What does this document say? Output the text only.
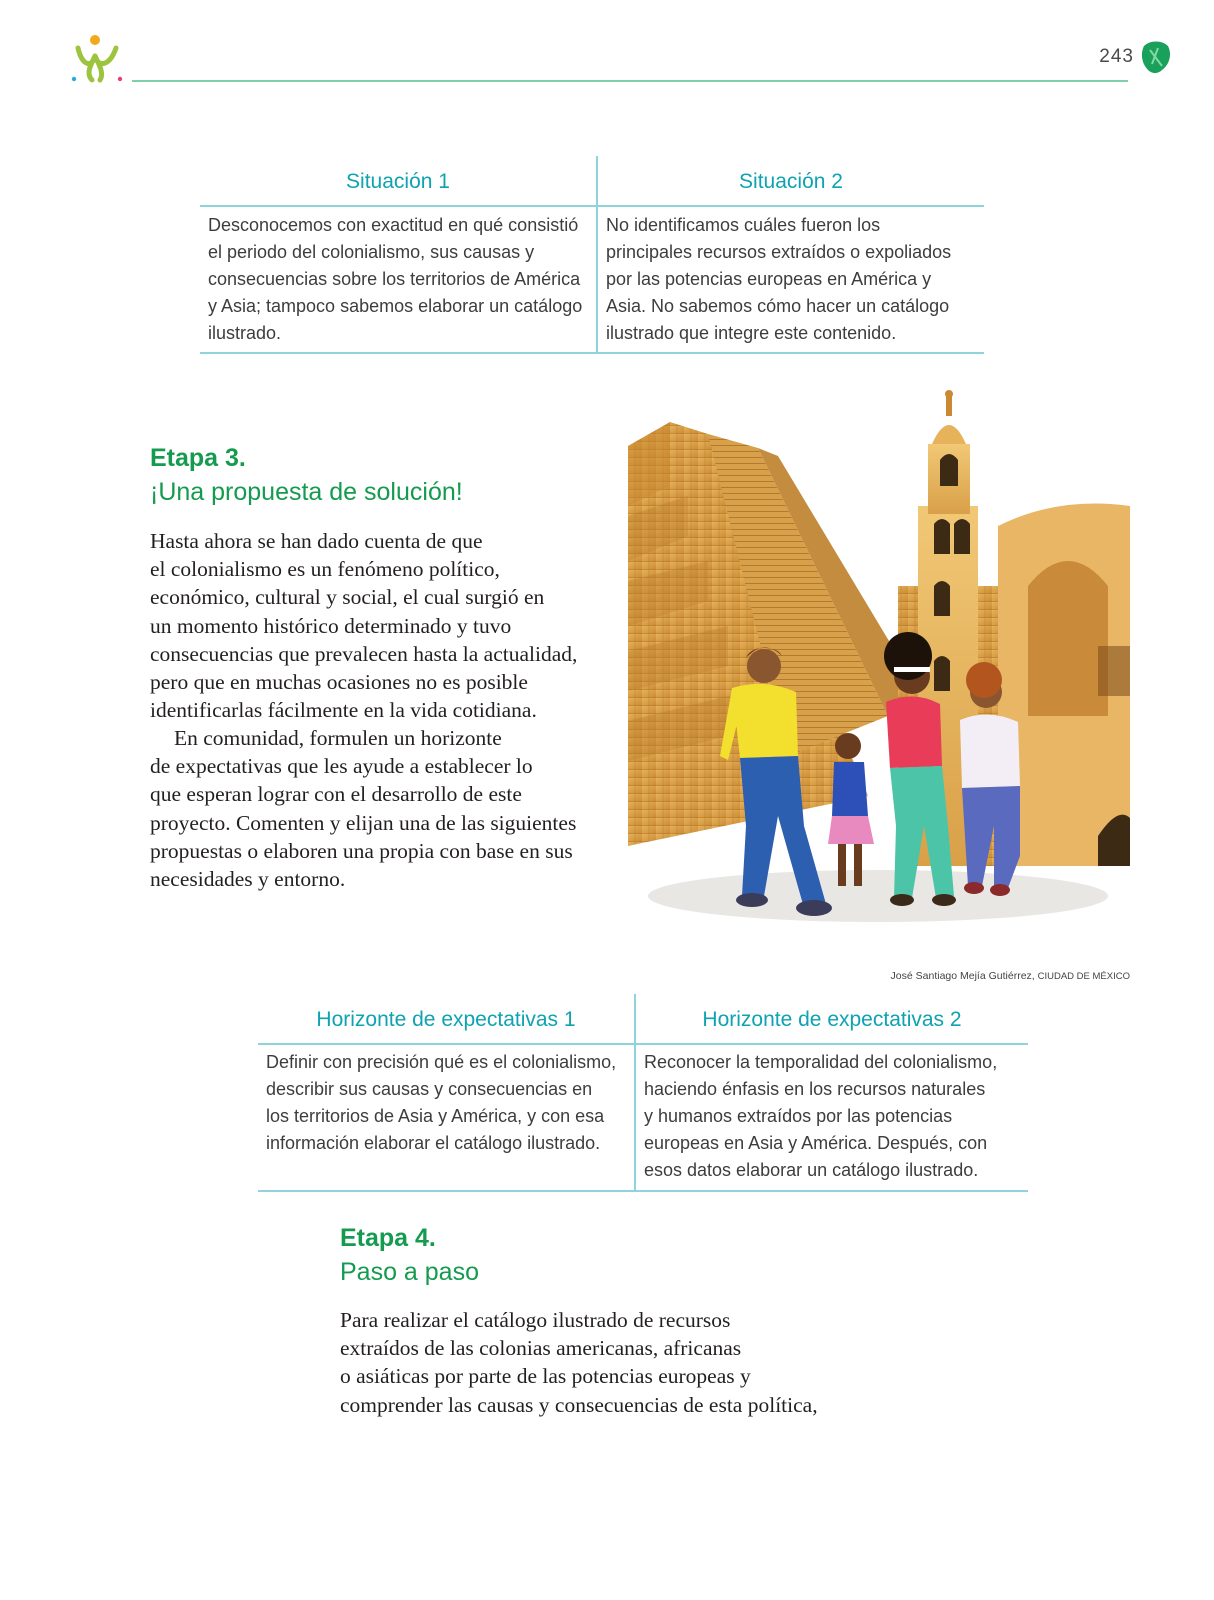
243
Situación 1	Situación 2
Desconocemos con exactitud en qué consistió
el periodo del colonialismo, sus causas y
consecuencias sobre los territorios de América
y Asia; tampoco sabemos elaborar un catálogo
ilustrado.
No identificamos cuáles fueron los
principales recursos extraídos o expoliados
por las potencias europeas en América y
Asia. No sabemos cómo hacer un catálogo
ilustrado que integre este contenido.
Etapa 3.
¡Una propuesta de solución!
Hasta ahora se han dado cuenta de que
el colonialismo es un fenómeno político,
económico, cultural y social, el cual surgió en
un momento histórico determinado y tuvo
consecuencias que prevalecen hasta la actualidad,
pero que en muchas ocasiones no es posible
identificarlas fácilmente en la vida cotidiana.
En comunidad, formulen un horizonte
de expectativas que les ayude a establecer lo
que esperan lograr con el desarrollo de este
proyecto. Comenten y elijan una de las siguientes
propuestas o elaboren una propia con base en sus
necesidades y entorno.
José Santiago Mejía Gutiérrez, CIUDAD DE MÉXICO
Horizonte de expectativas 1	Horizonte de expectativas 2
Definir con precisión qué es el colonialismo,
describir sus causas y consecuencias en
los territorios de Asia y América, y con esa
información elaborar el catálogo ilustrado.
Reconocer la temporalidad del colonialismo,
haciendo énfasis en los recursos naturales
y humanos extraídos por las potencias
europeas en Asia y América. Después, con
esos datos elaborar un catálogo ilustrado.
Etapa 4.
Paso a paso
Para realizar el catálogo ilustrado de recursos
extraídos de las colonias americanas, africanas
o asiáticas por parte de las potencias europeas y
comprender las causas y consecuencias de esta política,
